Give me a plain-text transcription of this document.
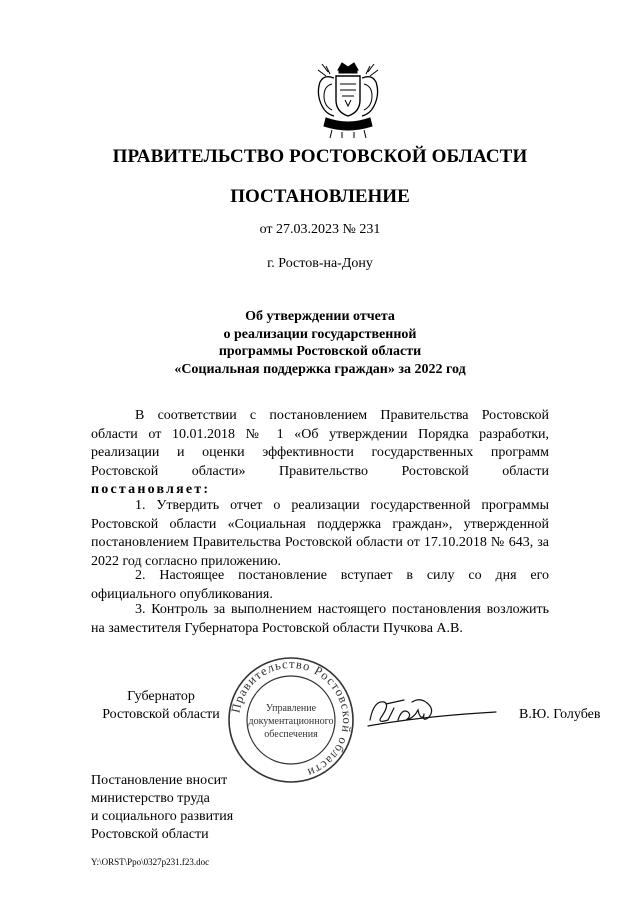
ПРАВИТЕЛЬСТВО РОСТОВСКОЙ ОБЛАСТИ
ПОСТАНОВЛЕНИЕ
от 27.03.2023 № 231
г. Ростов-на-Дону
Об утверждении отчета
о реализации государственной
программы Ростовской области
«Социальная поддержка граждан» за 2022 год
В соответствии с постановлением Правительства Ростовской области от 10.01.2018 № 1 «Об утверждении Порядка разработки, реализации и оценки эффективности государственных программ Ростовской области» Правительство Ростовской области постановляет:
1. Утвердить отчет о реализации государственной программы Ростовской области «Социальная поддержка граждан», утвержденной постановлением Правительства Ростовской области от 17.10.2018 № 643, за 2022 год согласно приложению.
2. Настоящее постановление вступает в силу со дня его официального опубликования.
3. Контроль за выполнением настоящего постановления возложить на заместителя Губернатора Ростовской области Пучкова А.В.
Губернатор
Ростовской области Правительство Ростовской области
Управление
документационного
обеспечения
В.Ю. Голубев
Постановление вносит
министерство труда
и социального развития
Ростовской области
Y:\ORST\Ppo\0327p231.f23.doc
